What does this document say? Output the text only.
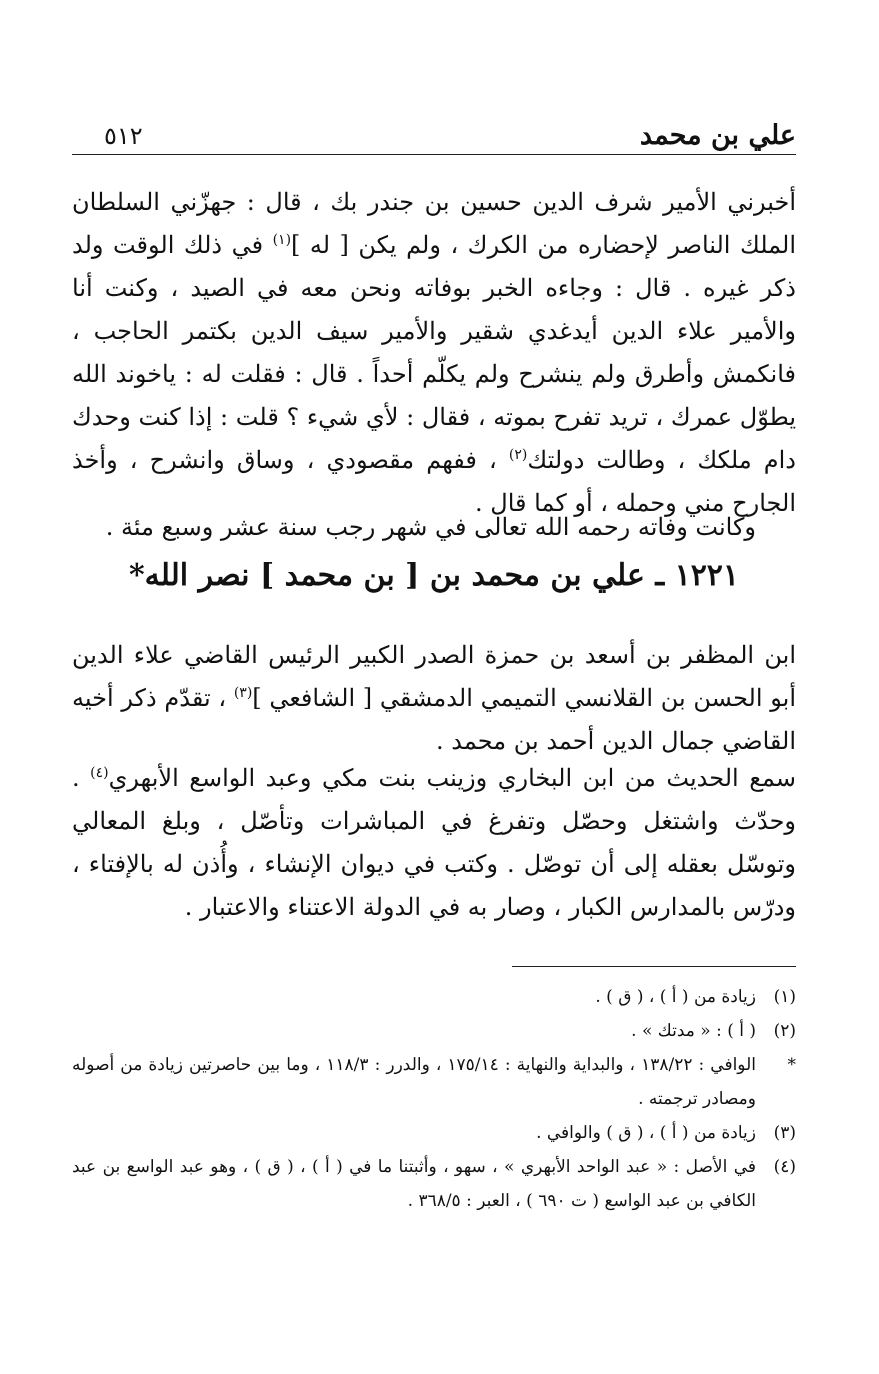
علي بن محمد
٥١٢

أخبرني الأمير شرف الدين حسين بن جندر بك ، قال : جهزّني السلطان الملك الناصر لإحضاره من الكرك ، ولم يكن [ له ]$^{(١)}$ في ذلك الوقت ولد ذكر غيره . قال : وجاءه الخبر بوفاته ونحن معه في الصيد ، وكنت أنا والأمير علاء الدين أيدغدي شقير والأمير سيف الدين بكتمر الحاجب ، فانكمش وأطرق ولم ينشرح ولم يكلّم أحداً . قال : فقلت له : ياخوند الله يطوّل عمرك ، تريد تفرح بموته ، فقال : لأي شيء ؟ قلت : إذا كنت وحدك دام ملكك ، وطالت دولتك$^{(٢)}$ ، ففهم مقصودي ، وساق وانشرح ، وأخذ الجارح مني وحمله ، أو كما قال .

وكانت وفاته رحمه الله تعالى في شهر رجب سنة عشر وسبع مئة .

١٢٢١ ـ علي بن محمد بن [ بن محمد ] نصر الله*

ابن المظفر بن أسعد بن حمزة الصدر الكبير الرئيس القاضي علاء الدين أبو الحسن بن القلانسي التميمي الدمشقي [ الشافعي ]$^{(٣)}$ ، تقدّم ذكر أخيه القاضي جمال الدين أحمد بن محمد .

سمع الحديث من ابن البخاري وزينب بنت مكي وعبد الواسع الأبهري$^{(٤)}$ . وحدّث واشتغل وحصّل وتفرغ في المباشرات وتأصّل ، وبلغ المعالي وتوسّل بعقله إلى أن توصّل . وكتب في ديوان الإنشاء ، وأُذن له بالإفتاء ، ودرّس بالمدارس الكبار ، وصار به في الدولة الاعتناء والاعتبار .

(١)
زيادة من ( أ ) ، ( ق ) .
(٢)
( أ ) : « مدتك » .
*
الوافي : ١٣٨/٢٢ ، والبداية والنهاية : ١٧٥/١٤ ، والدرر : ١١٨/٣ ، وما بين حاصرتين زيادة من أصوله ومصادر ترجمته .
(٣)
زيادة من ( أ ) ، ( ق ) والوافي .
(٤)
في الأصل : « عبد الواحد الأبهري » ، سهو ، وأثبتنا ما في ( أ ) ، ( ق ) ، وهو عبد الواسع بن عبد الكافي بن عبد الواسع ( ت ٦٩٠ ) ، العبر : ٣٦٨/٥ .
